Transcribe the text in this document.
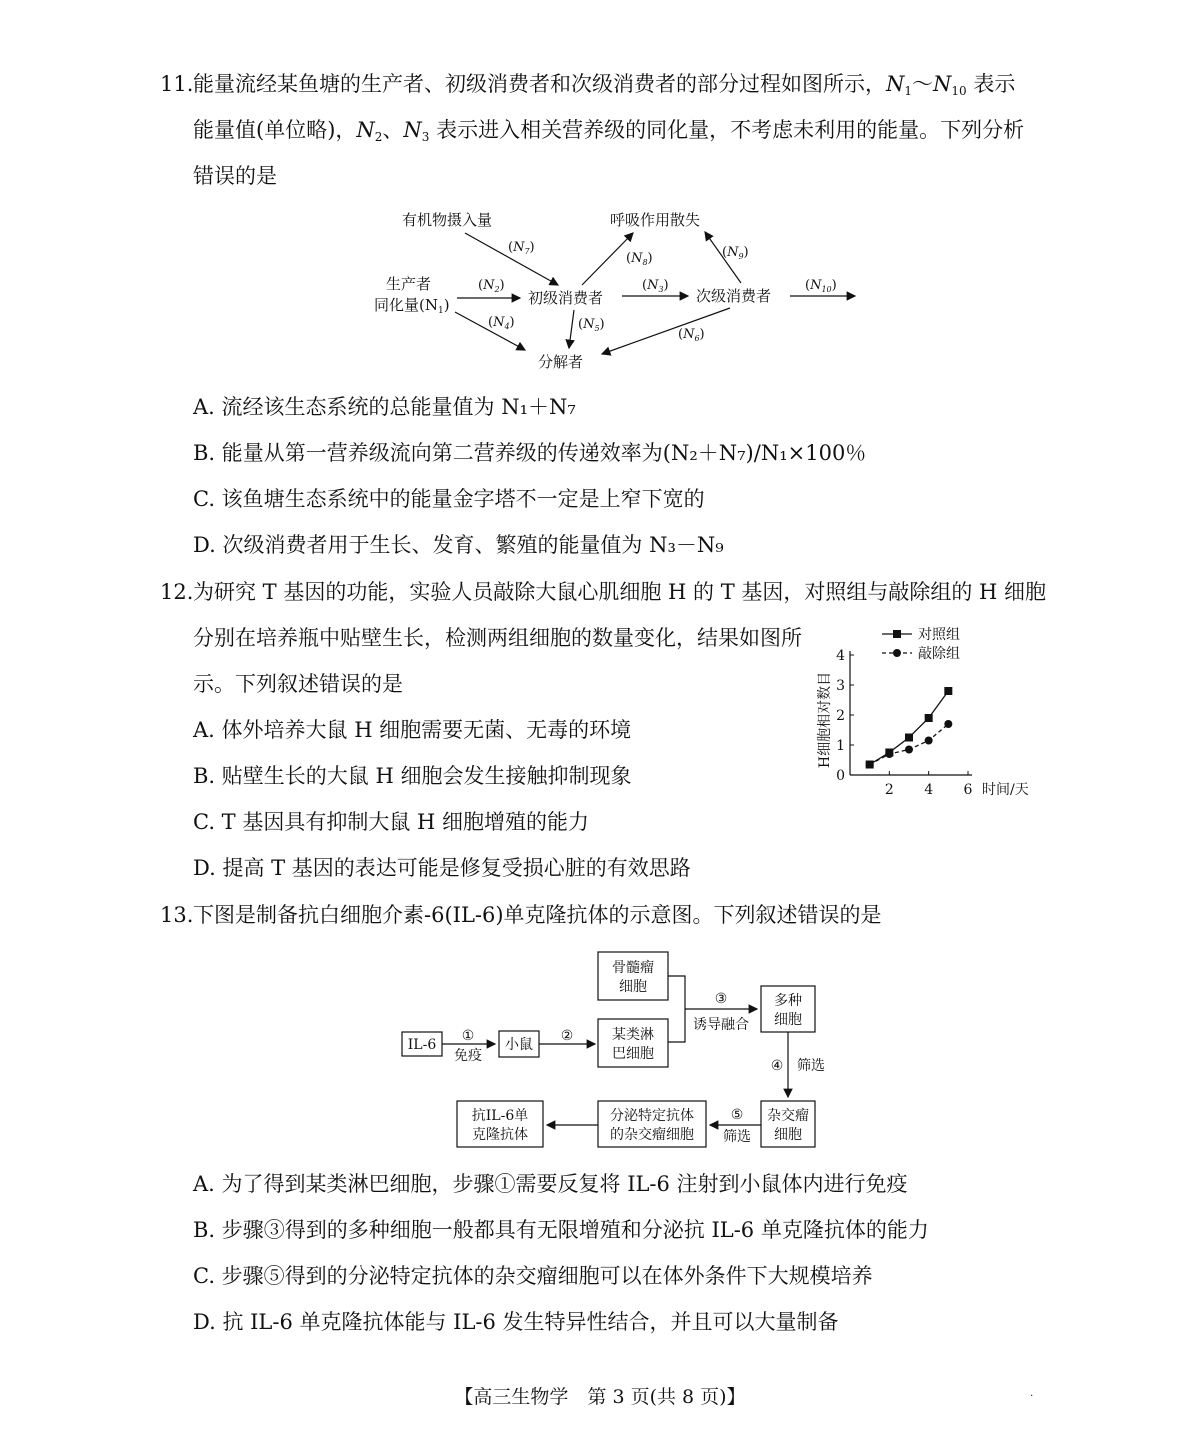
11. 能量流经某鱼塘的生产者、初级消费者和次级消费者的部分过程如图所示，$N_1\sim N_{10}$ 表示
能量值(单位略)，$N_2$、$N_3$ 表示进入相关营养级的同化量，不考虑未利用的能量。下列分析
错误的是
有机物摄入量	呼吸作用散失
生产者
同化量$(N_1)$	初级消费者	次级消费者
分解者
$(N_7)$
$(N_8)$	$(N_9)$
$(N_2)$	$(N_3)$	$(N_{10})$
$(N_4)$	$(N_5)$
$(N_6)$
A. 流经该生态系统的总能量值为 N₁＋N₇
B. 能量从第一营养级流向第二营养级的传递效率为(N₂＋N₇)/N₁×100％
C. 该鱼塘生态系统中的能量金字塔不一定是上窄下宽的
D. 次级消费者用于生长、发育、繁殖的能量值为 N₃－N₉
12. 为研究 T 基因的功能，实验人员敲除大鼠心肌细胞 H 的 T 基因，对照组与敲除组的 H 细胞
分别在培养瓶中贴壁生长，检测两组细胞的数量变化，结果如图所
示。下列叙述错误的是
A. 体外培养大鼠 H 细胞需要无菌、无毒的环境
B. 贴壁生长的大鼠 H 细胞会发生接触抑制现象
C. T 基因具有抑制大鼠 H 细胞增殖的能力
D. 提高 T 基因的表达可能是修复受损心脏的有效思路
0
1
2
3
4
2 4 6
对照组
敲除组
H细胞相对数目
时间/天
13. 下图是制备抗白细胞介素-6(IL-6)单克隆抗体的示意图。下列叙述错误的是
IL-6
①
免疫
小鼠
②
骨髓瘤
细胞
某类淋
巴细胞
③
诱导融合
多种
细胞
④ 筛选
杂交瘤
细胞
⑤
筛选
分泌特定抗体
的杂交瘤细胞
抗IL-6单
克隆抗体
A. 为了得到某类淋巴细胞，步骤①需要反复将 IL-6 注射到小鼠体内进行免疫
B. 步骤③得到的多种细胞一般都具有无限增殖和分泌抗 IL-6 单克隆抗体的能力
C. 步骤⑤得到的分泌特定抗体的杂交瘤细胞可以在体外条件下大规模培养
D. 抗 IL-6 单克隆抗体能与 IL-6 发生特异性结合，并且可以大量制备
【高三生物学　第 3 页(共 8 页)】	․
